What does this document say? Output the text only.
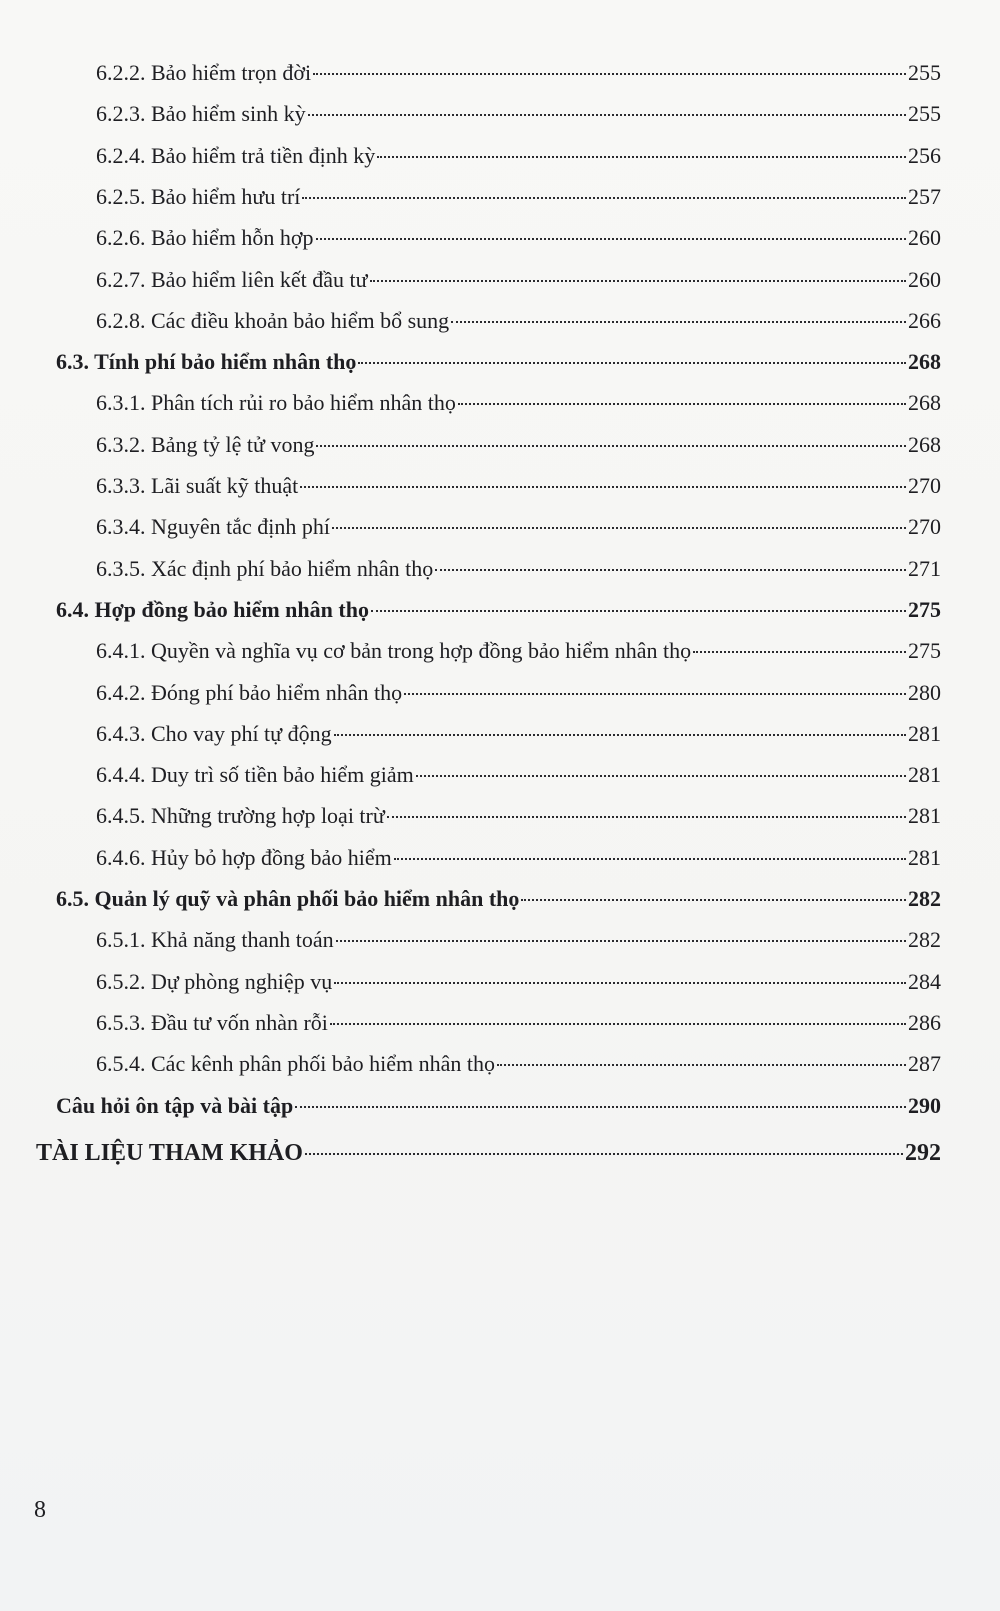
6.2.2. Bảo hiểm trọn đời	255
6.2.3. Bảo hiểm sinh kỳ	255
6.2.4. Bảo hiểm trả tiền định kỳ	256
6.2.5. Bảo hiểm hưu trí	257
6.2.6. Bảo hiểm hỗn hợp	260
6.2.7. Bảo hiểm liên kết đầu tư	260
6.2.8. Các điều khoản bảo hiểm bổ sung	266
6.3. Tính phí bảo hiểm nhân thọ	268
6.3.1. Phân tích rủi ro bảo hiểm nhân thọ	268
6.3.2. Bảng tỷ lệ tử vong	268
6.3.3. Lãi suất kỹ thuật	270
6.3.4. Nguyên tắc định phí	270
6.3.5. Xác định phí bảo hiểm nhân thọ	271
6.4. Hợp đồng bảo hiểm nhân thọ	275
6.4.1. Quyền và nghĩa vụ cơ bản trong hợp đồng bảo hiểm nhân thọ	275
6.4.2. Đóng phí bảo hiểm nhân thọ	280
6.4.3. Cho vay phí tự động	281
6.4.4. Duy trì số tiền bảo hiểm giảm	281
6.4.5. Những trường hợp loại trừ	281
6.4.6. Hủy bỏ hợp đồng bảo hiểm	281
6.5. Quản lý quỹ và phân phối bảo hiểm nhân thọ	282
6.5.1. Khả năng thanh toán	282
6.5.2. Dự phòng nghiệp vụ	284
6.5.3. Đầu tư vốn nhàn rỗi	286
6.5.4. Các kênh phân phối bảo hiểm nhân thọ	287
Câu hỏi ôn tập và bài tập	290
TÀI LIỆU THAM KHẢO	292
8
